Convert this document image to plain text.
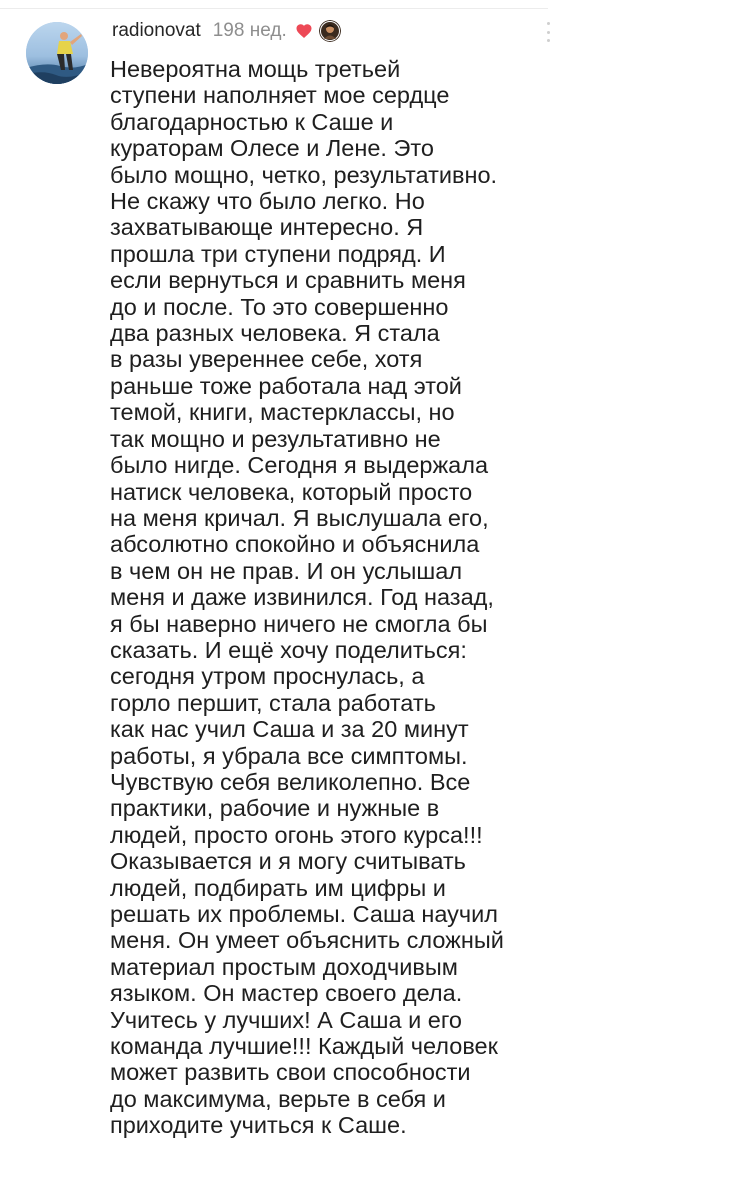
radionovat 198 нед.

Невероятна мощь третьей
ступени наполняет мое сердце
благодарностью к Саше и
кураторам Олесе и Лене. Это
было мощно, четко, результативно.
Не скажу что было легко. Но
захватывающе интересно. Я
прошла три ступени подряд. И
если вернуться и сравнить меня
до и после. То это совершенно
два разных человека. Я стала
в разы увереннее себе, хотя
раньше тоже работала над этой
темой, книги, мастерклассы, но
так мощно и результативно не
было нигде. Сегодня я выдержала
натиск человека, который просто
на меня кричал. Я выслушала его,
абсолютно спокойно и объяснила
в чем он не прав. И он услышал
меня и даже извинился. Год назад,
я бы наверно ничего не смогла бы
сказать. И ещё хочу поделиться:
сегодня утром проснулась, а
горло першит, стала работать
как нас учил Саша и за 20 минут
работы, я убрала все симптомы.
Чувствую себя великолепно. Все
практики, рабочие и нужные в
людей, просто огонь этого курса!!!
Оказывается и я могу считывать
людей, подбирать им цифры и
решать их проблемы. Саша научил
меня. Он умеет объяснить сложный
материал простым доходчивым
языком. Он мастер своего дела.
Учитесь у лучших! А Саша и его
команда лучшие!!! Каждый человек
может развить свои способности
до максимума, верьте в себя и
приходите учиться к Саше.
